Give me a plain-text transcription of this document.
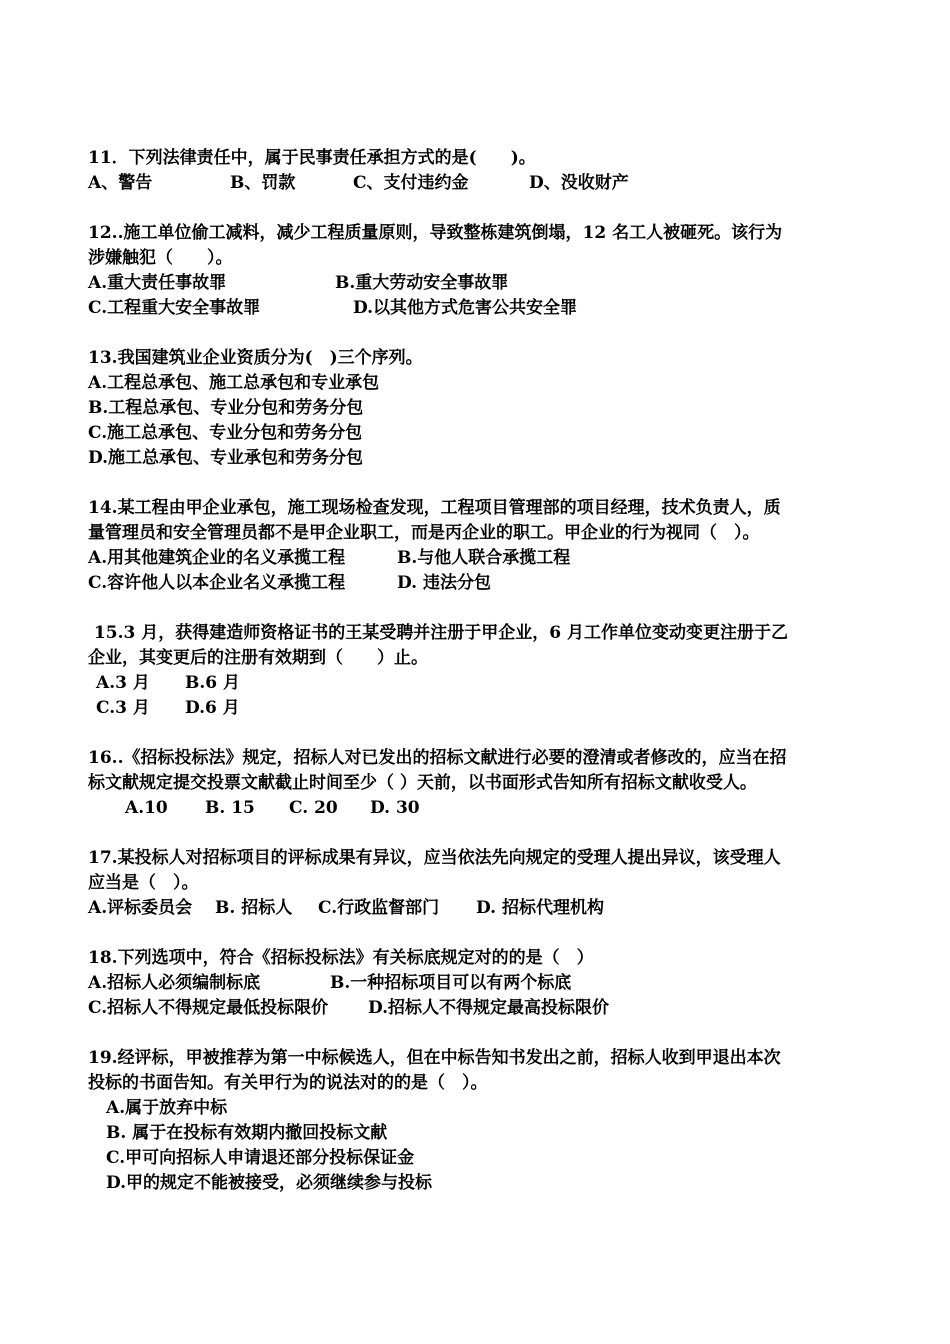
11．下列法律责任中，属于民事责任承担方式的是(　　)。
A、警告	B、罚款	C、支付违约金	D、没收财产
12..施工单位偷工减料，减少工程质量原则，导致整栋建筑倒塌，12 名工人被砸死。该行为
涉嫌触犯（　　）。
A.重大责任事故罪	B.重大劳动安全事故罪
C.工程重大安全事故罪	D.以其他方式危害公共安全罪
13.我国建筑业企业资质分为(　)三个序列。
A.工程总承包、施工总承包和专业承包
B.工程总承包、专业分包和劳务分包
C.施工总承包、专业分包和劳务分包
D.施工总承包、专业承包和劳务分包
14.某工程由甲企业承包，施工现场检查发现，工程项目管理部的项目经理，技术负责人，质
量管理员和安全管理员都不是甲企业职工，而是丙企业的职工。甲企业的行为视同（　）。
A.用其他建筑企业的名义承揽工程	B.与他人联合承揽工程
C.容许他人以本企业名义承揽工程	D. 违法分包
15.3 月，获得建造师资格证书的王某受聘并注册于甲企业，6 月工作单位变动变更注册于乙
企业，其变更后的注册有效期到（　　）止。
A.3 月 B.6 月
C.3 月 D.6 月
16..《招标投标法》规定，招标人对已发出的招标文献进行必要的澄清或者修改的，应当在招
标文献规定提交投票文献截止时间至少（ ）天前，以书面形式告知所有招标文献收受人。
A.10 B. 15 C. 20 D. 30
17.某投标人对招标项目的评标成果有异议，应当依法先向规定的受理人提出异议，该受理人
应当是（　）。
A.评标委员会 B. 招标人 C.行政监督部门 D. 招标代理机构
18.下列选项中，符合《招标投标法》有关标底规定对的的是（　）
A.招标人必须编制标底	B.一种招标项目可以有两个标底
C.招标人不得规定最低投标限价 D.招标人不得规定最高投标限价
19.经评标，甲被推荐为第一中标候选人，但在中标告知书发出之前，招标人收到甲退出本次
投标的书面告知。有关甲行为的说法对的的是（　）。
A.属于放弃中标
B. 属于在投标有效期内撤回投标文献
C.甲可向招标人申请退还部分投标保证金
D.甲的规定不能被接受，必须继续参与投标
